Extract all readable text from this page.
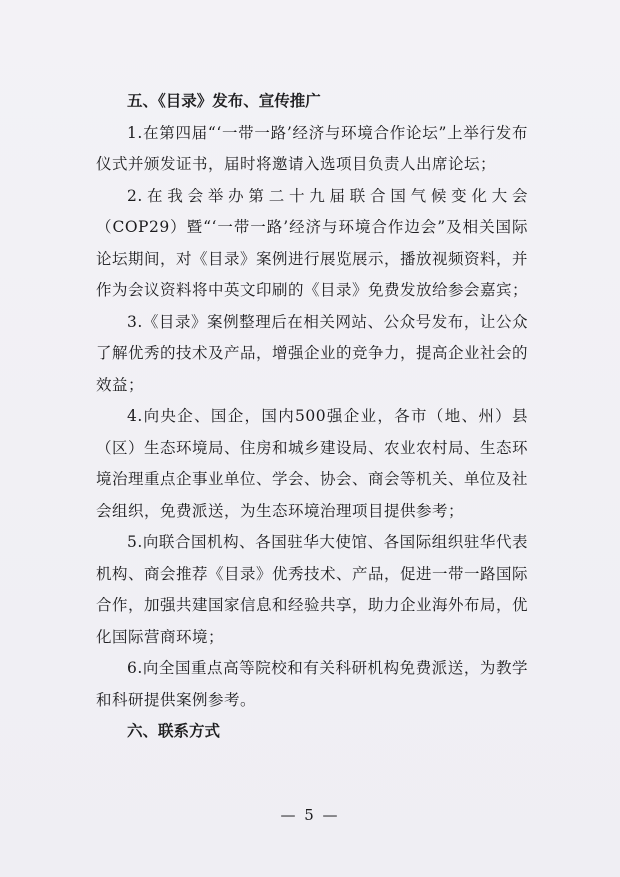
五、《目录》发布、宣传推广

1.在第四届“‘一带一路’经济与环境合作论坛”上举行发布仪式并颁发证书，届时将邀请入选项目负责人出席论坛；

2.在我会举办第二十九届联合国气候变化大会（COP29）暨“‘一带一路’经济与环境合作边会”及相关国际论坛期间，对《目录》案例进行展览展示，播放视频资料，并作为会议资料将中英文印刷的《目录》免费发放给参会嘉宾；

3.《目录》案例整理后在相关网站、公众号发布，让公众了解优秀的技术及产品，增强企业的竞争力，提高企业社会的效益；

4.向央企、国企，国内500强企业，各市（地、州）县（区）生态环境局、住房和城乡建设局、农业农村局、生态环境治理重点企事业单位、学会、协会、商会等机关、单位及社会组织，免费派送，为生态环境治理项目提供参考；

5.向联合国机构、各国驻华大使馆、各国际组织驻华代表机构、商会推荐《目录》优秀技术、产品，促进一带一路国际合作，加强共建国家信息和经验共享，助力企业海外布局，优化国际营商环境；

6.向全国重点高等院校和有关科研机构免费派送，为教学和科研提供案例参考。

六、联系方式

— 5 —
